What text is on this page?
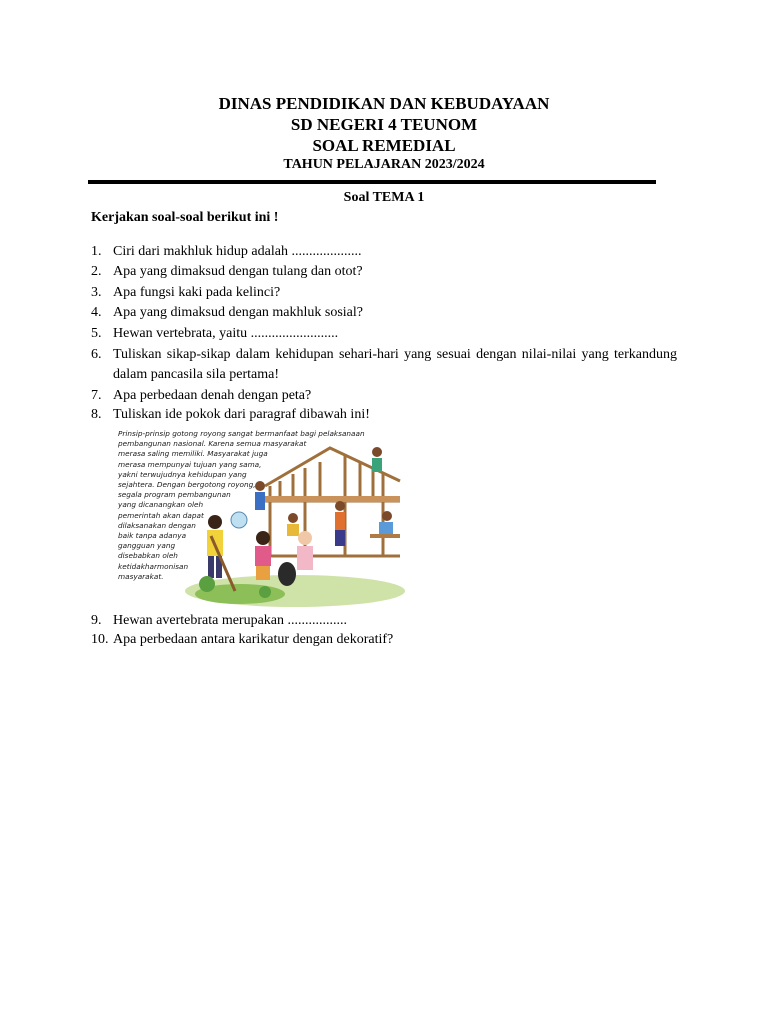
DINAS PENDIDIKAN DAN KEBUDAYAAN
SD NEGERI 4 TEUNOM
SOAL REMEDIAL
TAHUN PELAJARAN 2023/2024
Soal TEMA 1
Kerjakan soal-soal berikut ini !
1. Ciri dari makhluk hidup adalah ....................
2. Apa yang dimaksud dengan tulang dan otot?
3. Apa fungsi kaki pada kelinci?
4. Apa yang dimaksud dengan makhluk sosial?
5. Hewan vertebrata, yaitu .........................
6. Tuliskan sikap-sikap dalam kehidupan sehari-hari yang sesuai dengan nilai-nilai yang terkandung dalam pancasila sila pertama!
7. Apa perbedaan denah dengan peta?
8. Tuliskan ide pokok dari paragraf dibawah ini!
Prinsip-prinsip gotong royong sangat bermanfaat bagi pelaksanaan
pembangunan nasional. Karena semua masyarakat
merasa saling memiliki. Masyarakat juga
merasa mempunyai tujuan yang sama,
yakni terwujudnya kehidupan yang
sejahtera. Dengan bergotong royong,
segala program pembangunan
yang dicanangkan oleh
pemerintah akan dapat
dilaksanakan dengan
baik tanpa adanya
gangguan yang
disebabkan oleh
ketidakharmonisan
masyarakat.
9. Hewan avertebrata merupakan .................
10. Apa perbedaan antara karikatur dengan dekoratif?
